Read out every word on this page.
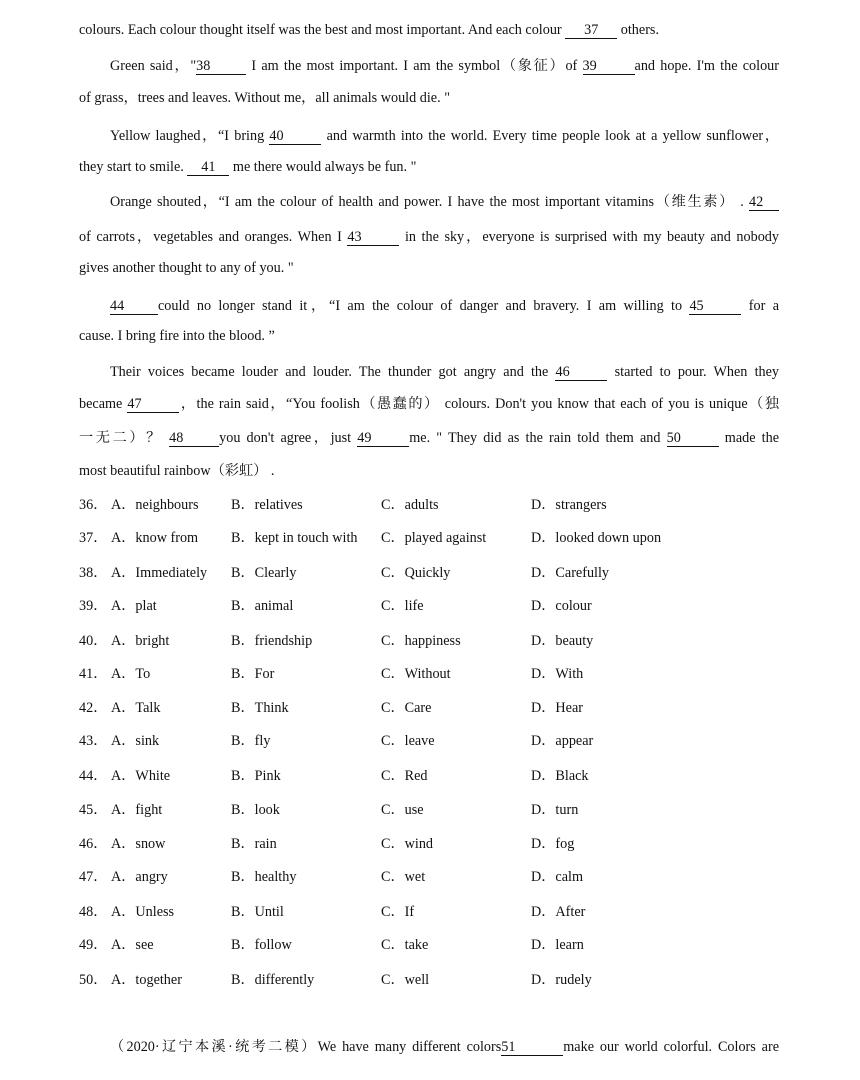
colours. Each colour thought itself was the best and most important. And each colour 37 others.
Green said，"38	I am the most important. I am the symbol（象征）of 39	and hope. I'm the colour
of grass，trees and leaves. Without me，all animals would die. "
Yellow laughed，“I bring 40	and warmth into the world. Every time people look at a yellow sunflower，
they start to smile. 41 me there would always be fun. "
Orange shouted，“I am the colour of health and power. I have the most important vitamins（维生素） . 42
of carrots，vegetables and oranges. When I 43	in the sky，everyone is surprised with my beauty and nobody
gives another thought to any of you. "
44 could no longer stand it，“I am the colour of danger and bravery. I am willing to 45	for a
cause. I bring fire into the blood. ”
Their voices became louder and louder. The thunder got angry and the 46	started to pour. When they
became 47	，the rain said，“You foolish（愚蠢的） colours. Don't you know that each of you is unique（独
一无二）？ 48	you don't agree，just 49	me. " They did as the rain told them and 50	made the
most beautiful rainbow（彩虹） .
36． A．neighbours B．relatives	C．adults	D．strangers
37． A．know from B．kept in touch with C．played against	D．looked down upon
38． A．Immediately B．Clearly	C．Quickly	D．Carefully
39． A．plat	B．animal	C．life	D．colour
40． A．bright	B．friendship	C．happiness	D．beauty
41． A．To	B．For	C．Without	D．With
42． A．Talk	B．Think	C．Care	D．Hear
43． A．sink	B．fly	C．leave	D．appear
44． A．White	B．Pink	C．Red	D．Black
45． A．fight	B．look	C．use	D．turn
46． A．snow	B．rain	C．wind	D．fog
47． A．angry	B．healthy	C．wet	D．calm
48． A．Unless	B．Until	C．If	D．After
49． A．see	B．follow	C．take	D．learn
50． A．together	B．differently	C．well	D．rudely
（2020·辽宁本溪·统考二模）We have many different colors51	make our world colorful. Colors are
